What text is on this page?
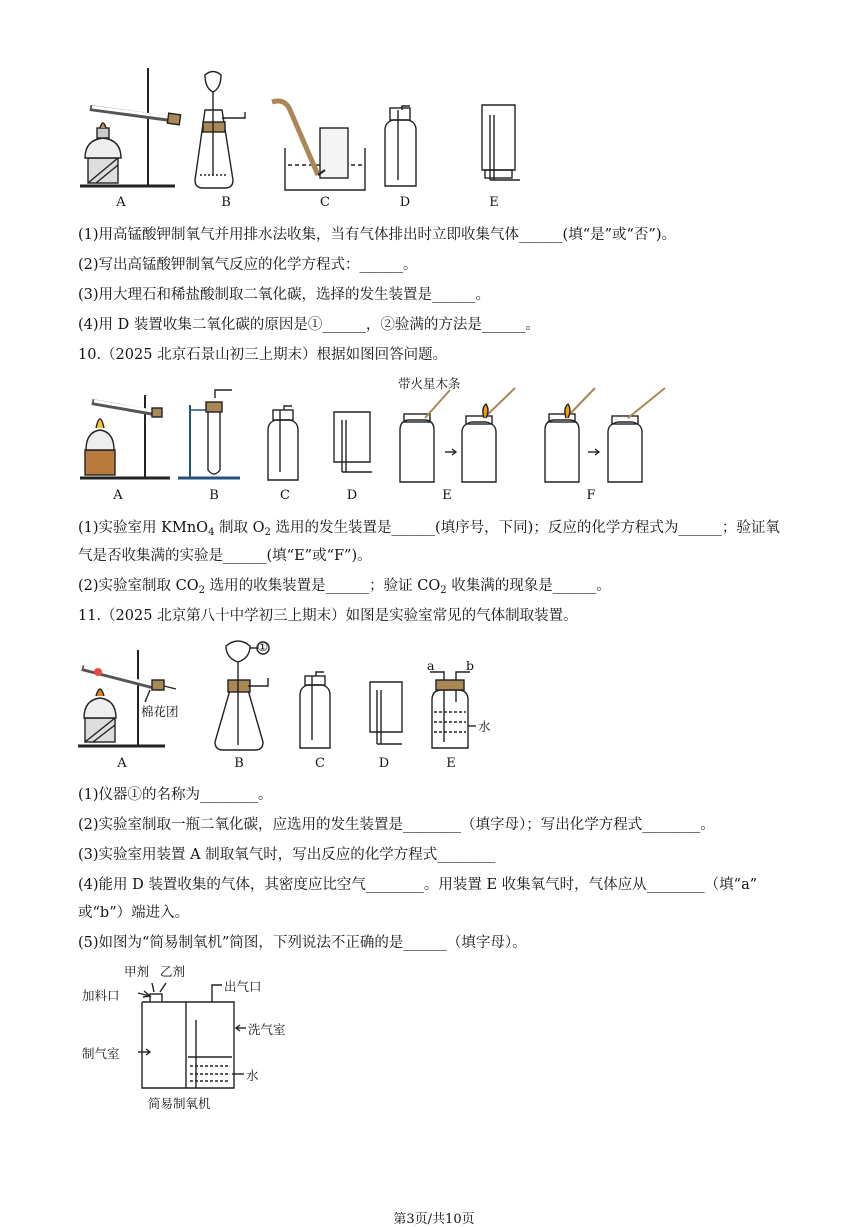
A	B	C	D	E
(1)用高锰酸钾制氧气并用排水法收集，当有气体排出时立即收集气体______(填“是”或“否”)。
(2)写出高锰酸钾制氧气反应的化学方程式：______。
(3)用大理石和稀盐酸制取二氧化碳，选择的发生装置是______。
(4)用 D 装置收集二氧化碳的原因是①______，②验满的方法是______。
10.（2025 北京石景山初三上期末）根据如图回答问题。
带火星木条
A	B	C	D	E	F
(1)实验室用 KMnO$_4$ 制取 $O_2$ 选用的发生装置是______(填序号，下同)；反应的化学方程式为______；验证氧
气是否收集满的实验是______(填“E”或“F”)。
(2)实验室制取 $CO_2$ 选用的收集装置是______；验证 $CO_2$ 收集满的现象是______。
11.（2025 北京第八十中学初三上期末）如图是实验室常见的气体制取装置。
①
棉花团
a	b
水
A	B	C	D	E
(1)仪器①的名称为________。
(2)实验室制取一瓶二氧化碳，应选用的发生装置是________（填字母）；写出化学方程式________。
(3)实验室用装置 A 制取氧气时，写出反应的化学方程式________
(4)能用 D 装置收集的气体，其密度应比空气________。用装置 E 收集氧气时，气体应从________（填“a”
或“b”）端进入。
(5)如图为“简易制氧机”简图，下列说法不正确的是______（填字母）。
甲剂 乙剂
加料口
出气口
洗气室
制气室
水
简易制氧机
第3页/共10页
